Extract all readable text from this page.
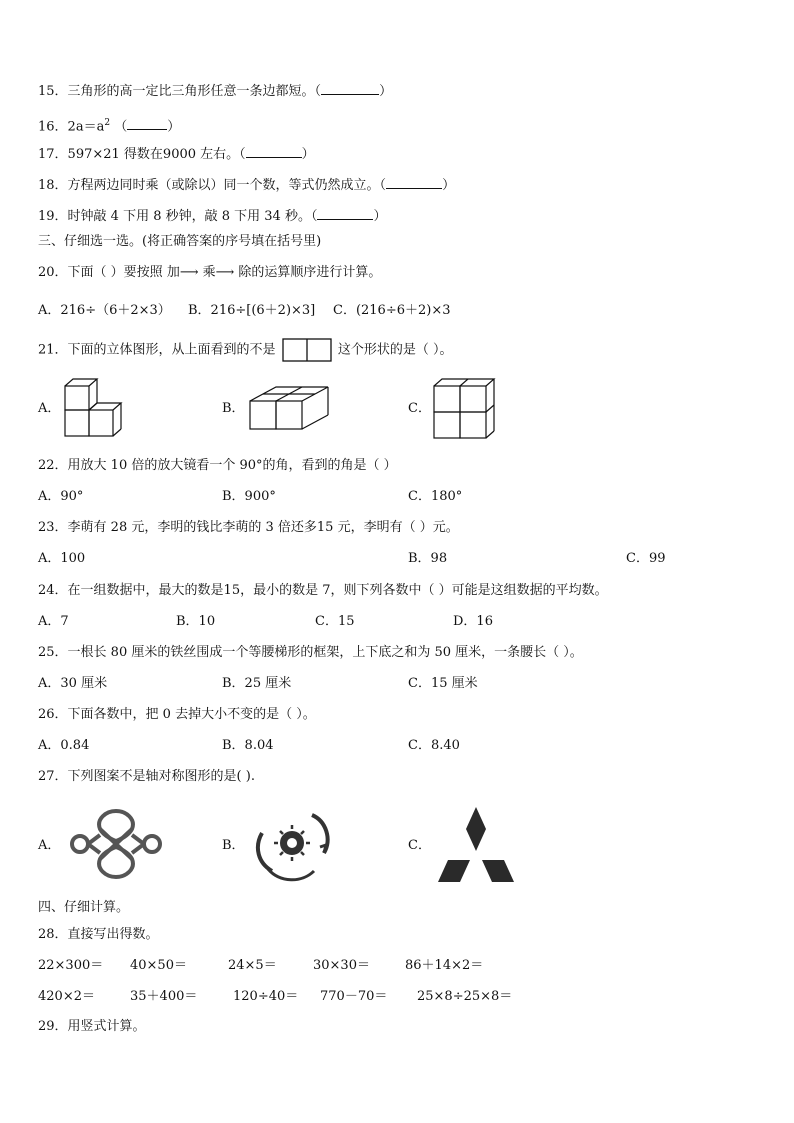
15．三角形的高一定比三角形任意一条边都短。（	）
16．$2a=a^2$ （	）
17．597×21 得数在9000 左右。（	）
18．方程两边同时乘（或除以）同一个数，等式仍然成立。（	）
19．时钟敲 4 下用 8 秒钟，敲 8 下用 34 秒。（	）
三、仔细选一选。(将正确答案的序号填在括号里)
20．下面（ ）要按照 加⟶ 乘⟶ 除的运算顺序进行计算。
A．216÷（6＋2×3） B．216÷[(6＋2)×3] C．(216÷6＋2)×3
21．下面的立体图形，从上面看到的不是	这个形状的是（ ）。
A．	B．	C．
22．用放大 10 倍的放大镜看一个 90°的角，看到的角是（ ）
A．90°	B．900°	C．180°
23．李萌有 28 元，李明的钱比李萌的 3 倍还多15 元，李明有（ ）元。
A．100	B．98	C．99
24．在一组数据中，最大的数是15，最小的数是 7，则下列各数中（ ）可能是这组数据的平均数。
A．7	B．10	C．15	D．16
25．一根长 80 厘米的铁丝围成一个等腰梯形的框架，上下底之和为 50 厘米，一条腰长（ ）。
A．30 厘米	B．25 厘米	C．15 厘米
26．下面各数中，把 0 去掉大小不变的是（ ）。
A．0.84	B．8.04	C．8.40
27．下列图案不是轴对称图形的是( ).
A．	B．	C．
四、仔细计算。
28．直接写出得数。
22×300＝ 40×50＝	24×5＝	30×30＝	86＋14×2＝
420×2＝	35＋400＝	120÷40＝ 770－70＝ 25×8÷25×8＝
29．用竖式计算。
